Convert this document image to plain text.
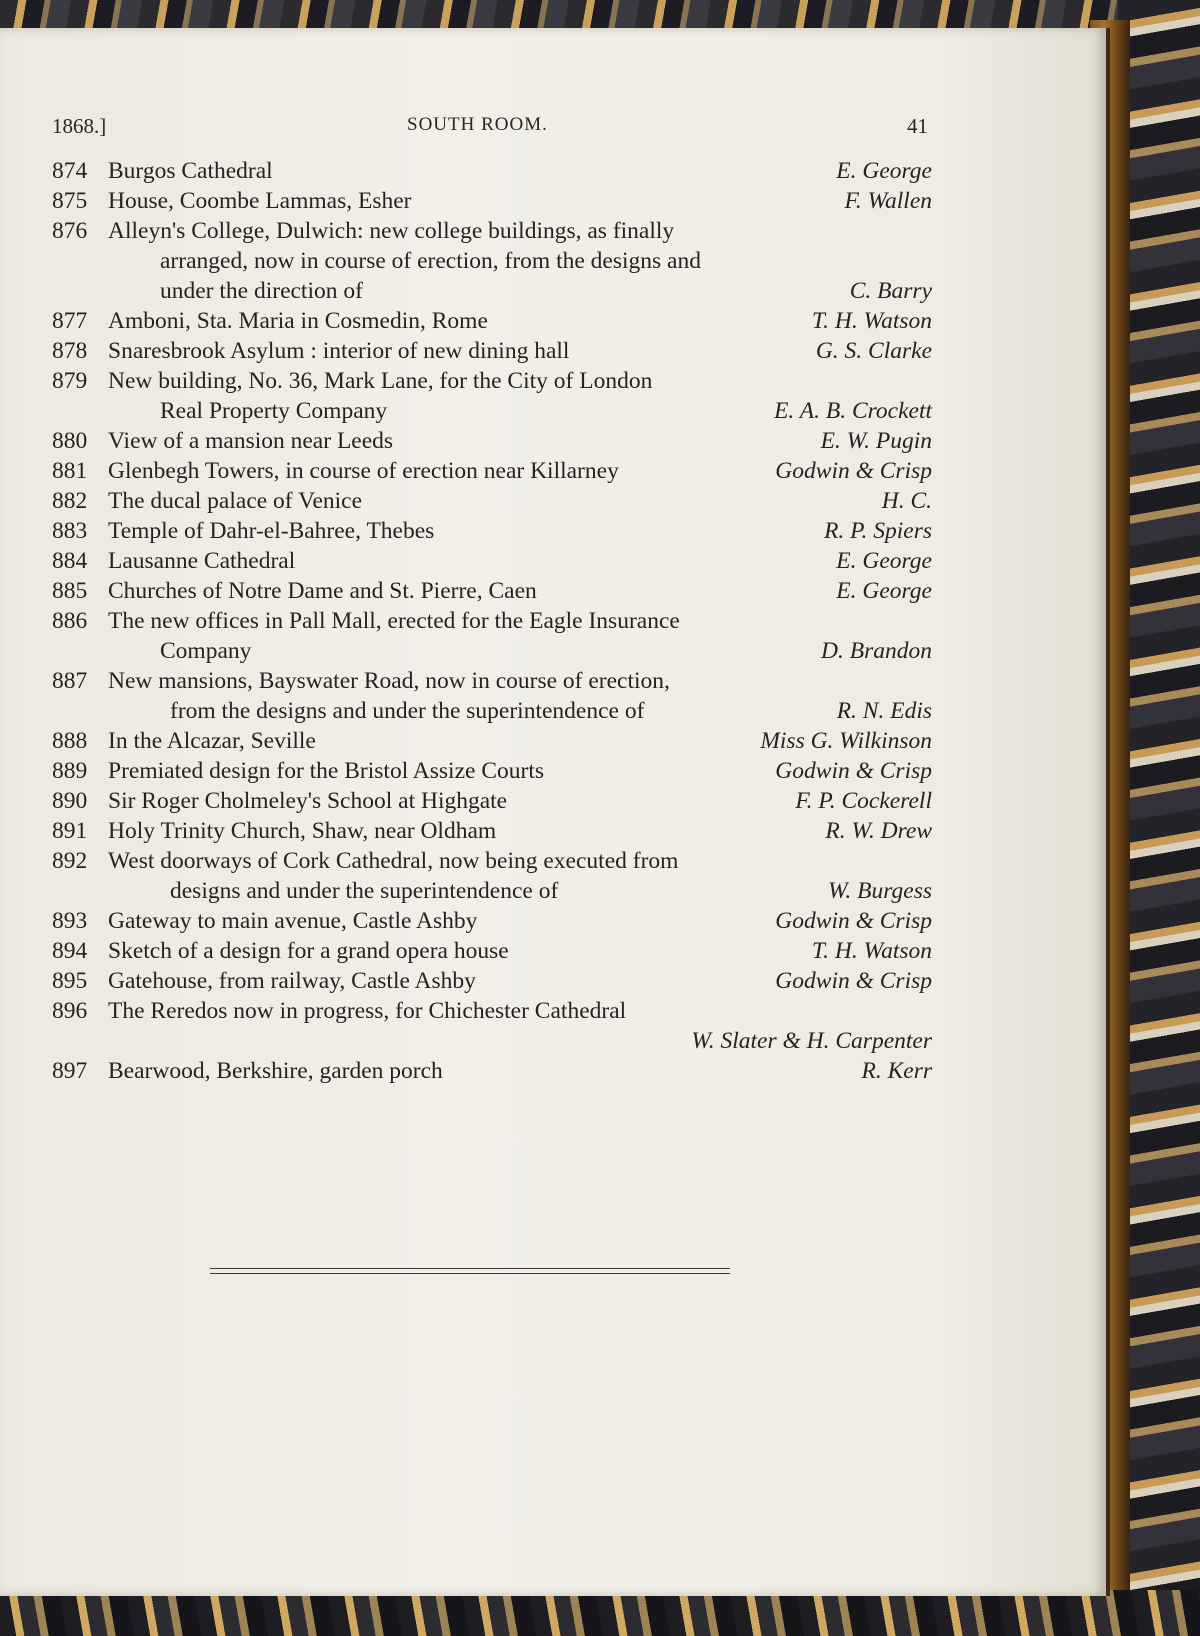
1868.]	SOUTH ROOM.	41
874 Burgos Cathedral	E. George
875 House, Coombe Lammas, Esher	F. Wallen
876 Alleyn's College, Dulwich: new college buildings, as finally
arranged, now in course of erection, from the designs and
under the direction of	C. Barry
877 Amboni, Sta. Maria in Cosmedin, Rome	T. H. Watson
878 Snaresbrook Asylum : interior of new dining hall	G. S. Clarke
879 New building, No. 36, Mark Lane, for the City of London
Real Property Company	E. A. B. Crockett
880 View of a mansion near Leeds	E. W. Pugin
881 Glenbegh Towers, in course of erection near Killarney	Godwin & Crisp
882 The ducal palace of Venice	H. C.
883 Temple of Dahr-el-Bahree, Thebes	R. P. Spiers
884 Lausanne Cathedral	E. George
885 Churches of Notre Dame and St. Pierre, Caen	E. George
886 The new offices in Pall Mall, erected for the Eagle Insurance
Company	D. Brandon
887 New mansions, Bayswater Road, now in course of erection,
from the designs and under the superintendence of	R. N. Edis
888 In the Alcazar, Seville	Miss G. Wilkinson
889 Premiated design for the Bristol Assize Courts	Godwin & Crisp
890 Sir Roger Cholmeley's School at Highgate	F. P. Cockerell
891 Holy Trinity Church, Shaw, near Oldham	R. W. Drew
892 West doorways of Cork Cathedral, now being executed from
designs and under the superintendence of	W. Burgess
893 Gateway to main avenue, Castle Ashby	Godwin & Crisp
894 Sketch of a design for a grand opera house	T. H. Watson
895 Gatehouse, from railway, Castle Ashby	Godwin & Crisp
896 The Reredos now in progress, for Chichester Cathedral
W. Slater & H. Carpenter
897 Bearwood, Berkshire, garden porch	R. Kerr
